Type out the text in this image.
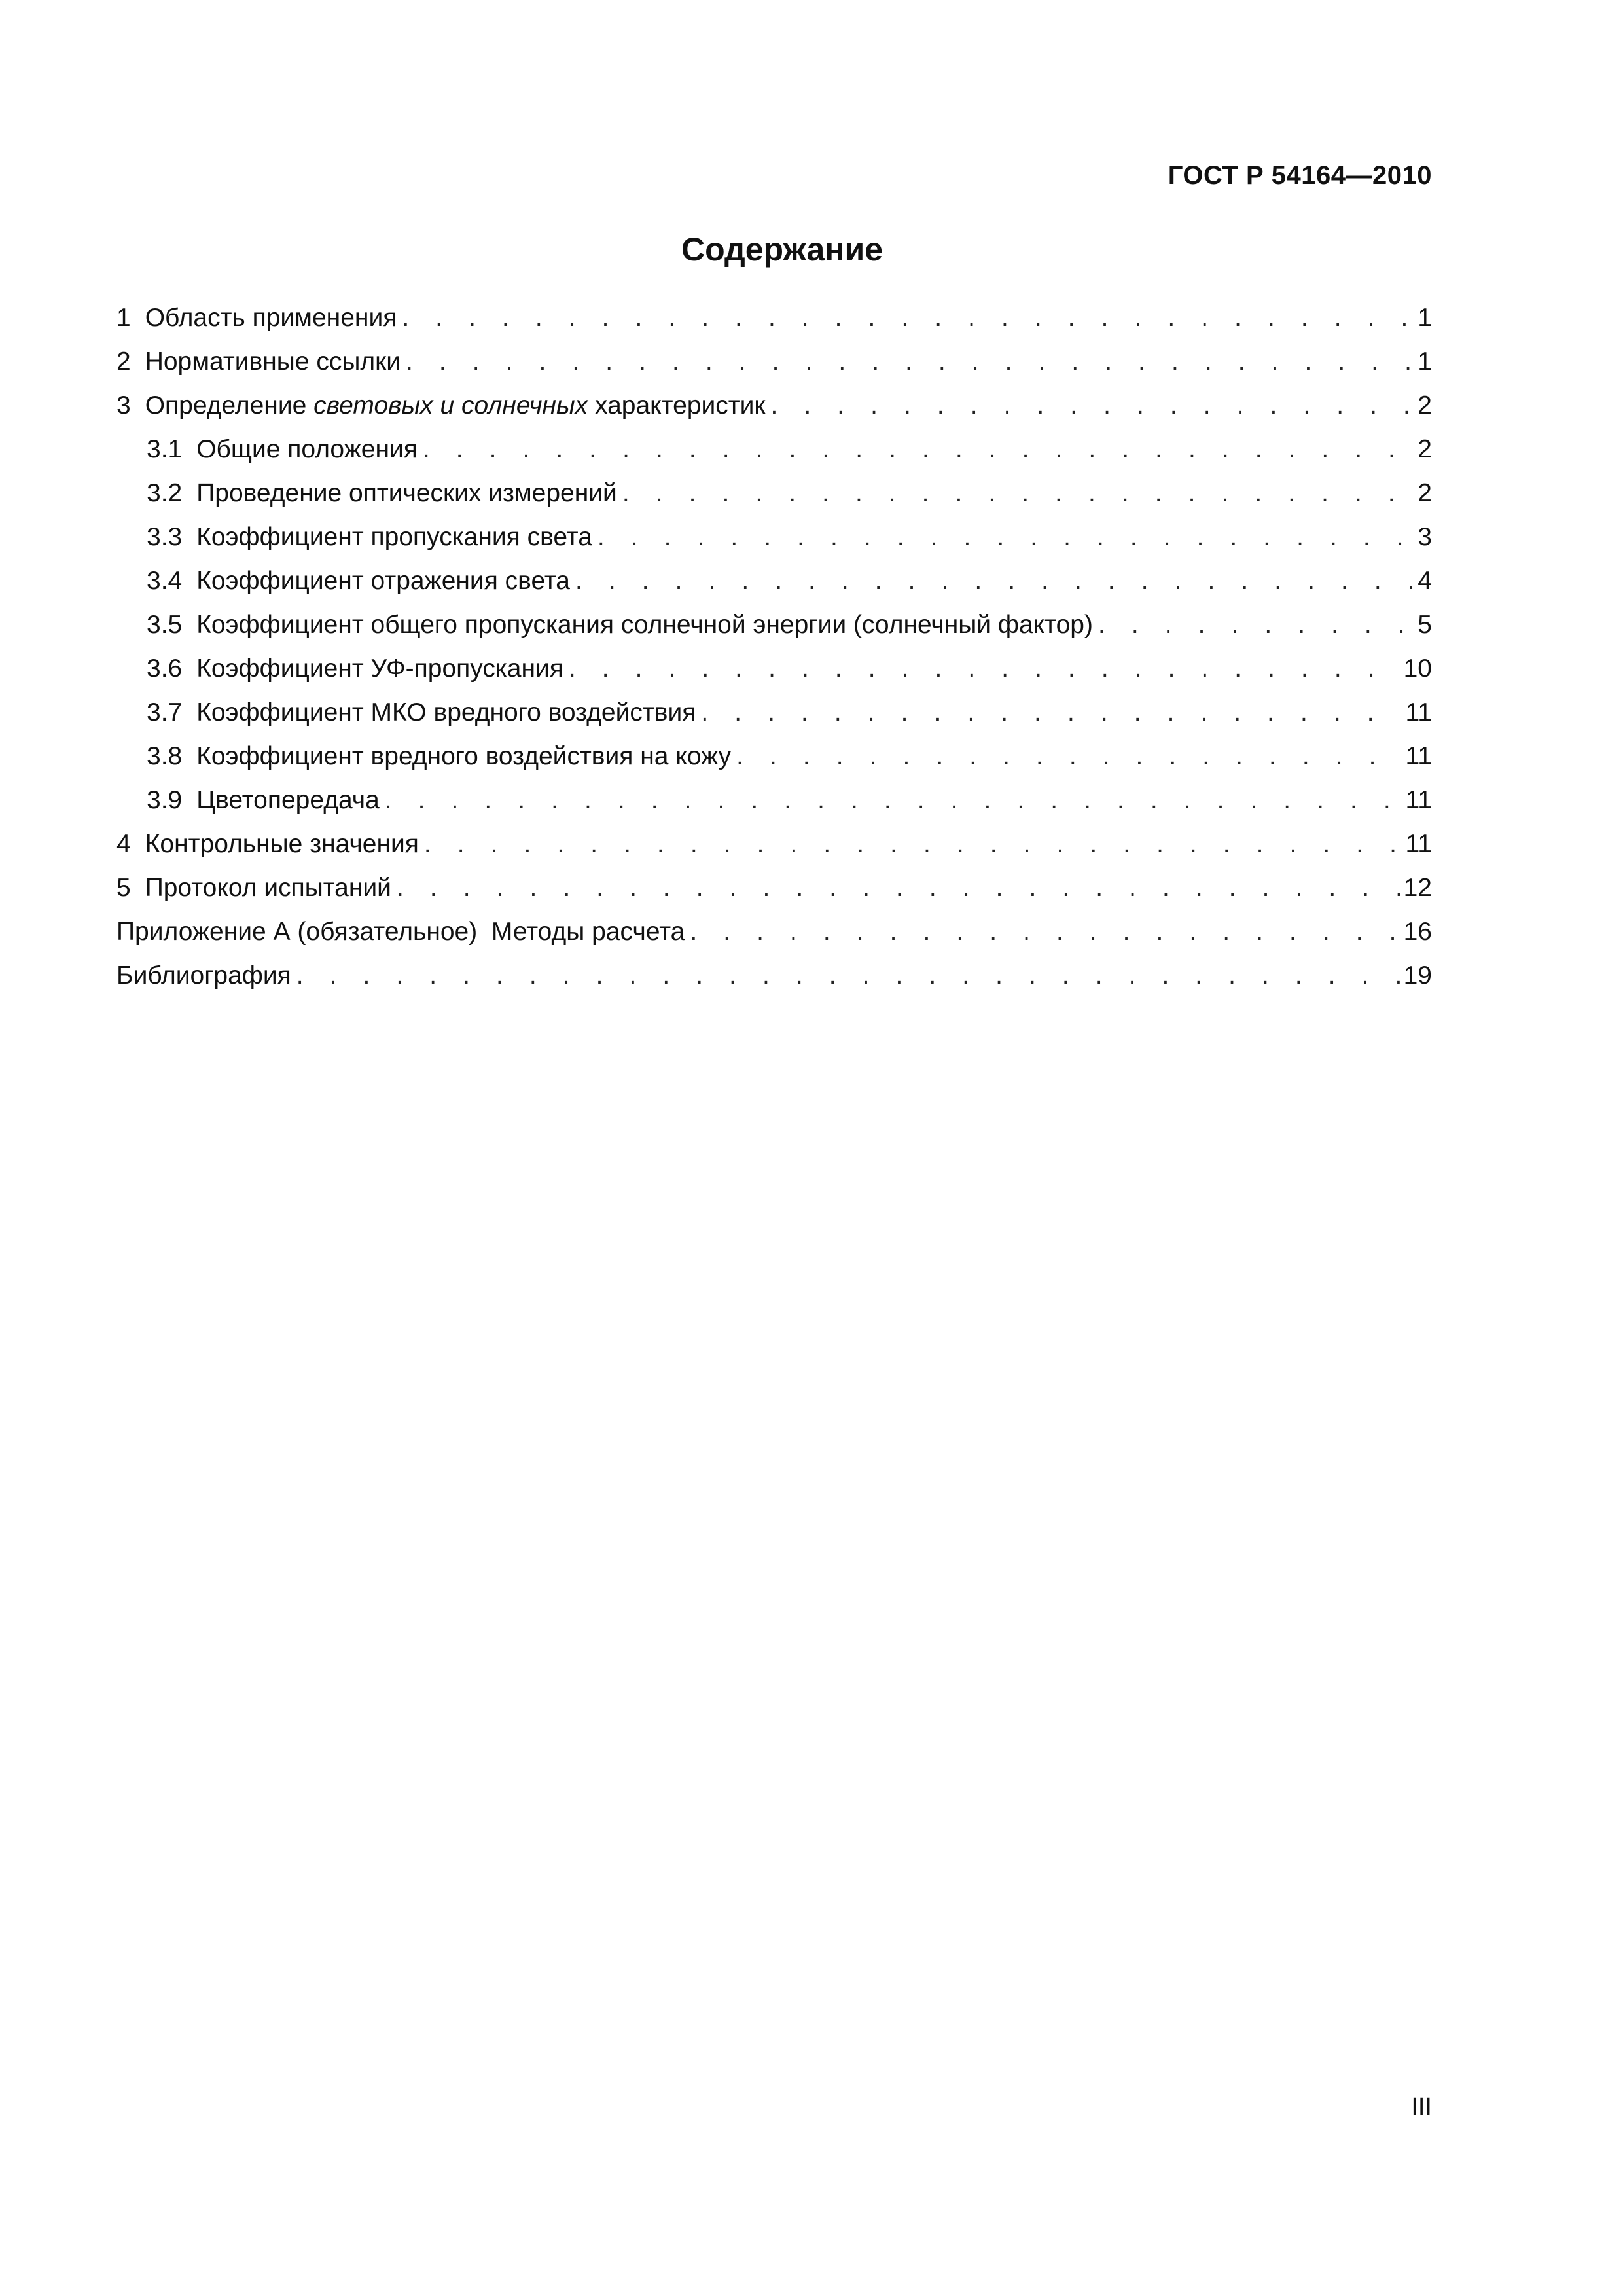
ГОСТ Р 54164—2010
Содержание
1 Область применения . . .	1
2 Нормативные ссылки . . .	1
3 Определение световых и солнечных характеристик . . .	2
3.1 Общие положения . . .	2
3.2 Проведение оптических измерений . . .	2
3.3 Коэффициент пропускания света . . .	3
3.4 Коэффициент отражения света . . .	4
3.5 Коэффициент общего пропускания солнечной энергии (солнечный фактор) . . .	5
3.6 Коэффициент УФ-пропускания . . .	10
3.7 Коэффициент МКО вредного воздействия . . .	11
3.8 Коэффициент вредного воздействия на кожу . . .	11
3.9 Цветопередача . . .	11
4 Контрольные значения . . .	11
5 Протокол испытаний . . .	12
Приложение А (обязательное)  Методы расчета . . .	16
Библиография . . .	19
III
